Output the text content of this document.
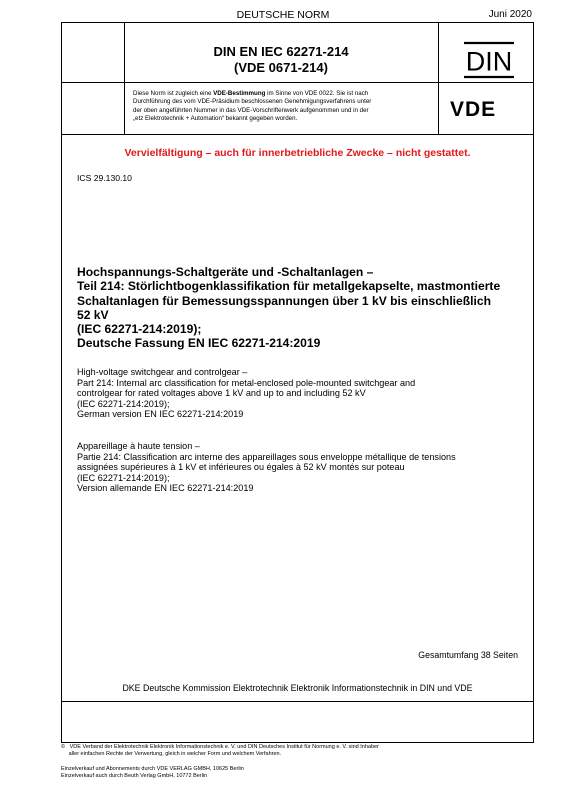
DEUTSCHE NORM	Juni 2020
DIN EN IEC 62271-214
(VDE 0671-214)	DIN
VDE
Diese Norm ist zugleich eine VDE-Bestimmung im Sinne von VDE 0022. Sie ist nach
Durchführung des vom VDE-Präsidium beschlossenen Genehmigungsverfahrens unter
der oben angeführten Nummer in das VDE-Vorschriftenwerk aufgenommen und in der
„etz Elektrotechnik + Automation“ bekannt gegeben worden.
Vervielfältigung – auch für innerbetriebliche Zwecke – nicht gestattet.
ICS 29.130.10
Hochspannungs-Schaltgeräte und -Schaltanlagen –
Teil 214: Störlichtbogenklassifikation für metallgekapselte, mastmontierte
Schaltanlagen für Bemessungsspannungen über 1 kV bis einschließlich
52 kV
(IEC 62271-214:2019);
Deutsche Fassung EN IEC 62271-214:2019
High-voltage switchgear and controlgear –
Part 214: Internal arc classification for metal-enclosed pole-mounted switchgear and
controlgear for rated voltages above 1 kV and up to and including 52 kV
(IEC 62271-214:2019);
German version EN IEC 62271-214:2019
Appareillage à haute tension –
Partie 214: Classification arc interne des appareillages sous enveloppe métallique de tensions
assignées supérieures à 1 kV et inférieures ou égales à 52 kV montés sur poteau
(IEC 62271-214:2019);
Version allemande EN IEC 62271-214:2019
Gesamtumfang 38 Seiten
DKE Deutsche Kommission Elektrotechnik Elektronik Informationstechnik in DIN und VDE
©   VDE Verband der Elektrotechnik Elektronik Informationstechnik e. V. und DIN Deutsches Institut für Normung e. V. sind Inhaber
aller einfachen Rechte der Verwertung, gleich in welcher Form und welchem Verfahren.
Einzelverkauf und Abonnements durch VDE VERLAG GMBH, 10625 Berlin
Einzelverkauf auch durch Beuth Verlag GmbH, 10772 Berlin
